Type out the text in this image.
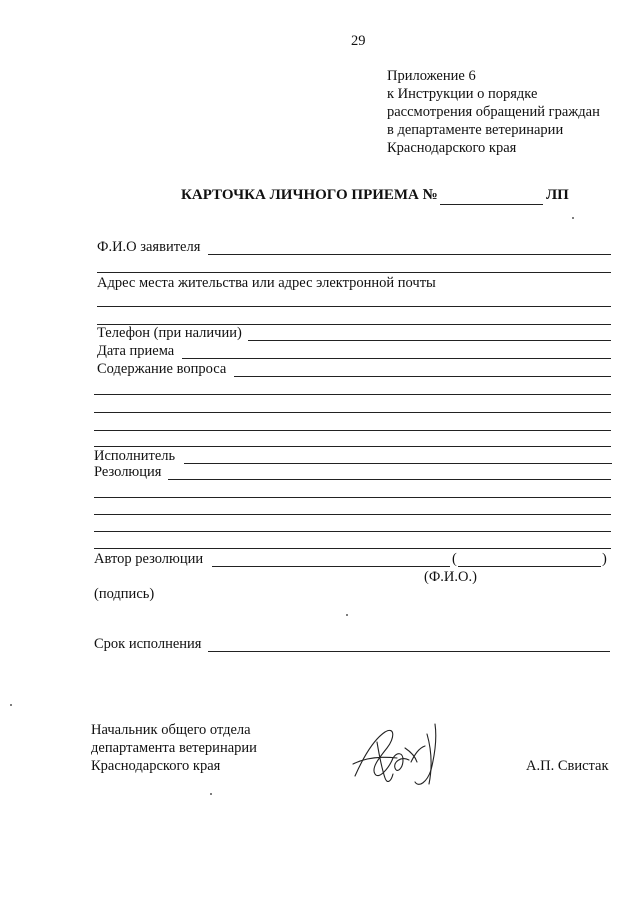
29
Приложение 6
к Инструкции о порядке
рассмотрения обращений граждан
в департаменте ветеринарии
Краснодарского края
КАРТОЧКА ЛИЧНОГО ПРИЕМА №	ЛП
Ф.И.О заявителя
Адрес места жительства или адрес электронной почты
Телефон (при наличии)
Дата приема
Содержание вопроса
Исполнитель
Резолюция
Автор резолюции	(	)
(Ф.И.О.)
(подпись)
Срок исполнения
Начальник общего отдела
департамента ветеринарии
Краснодарского края	А.П. Свистак
